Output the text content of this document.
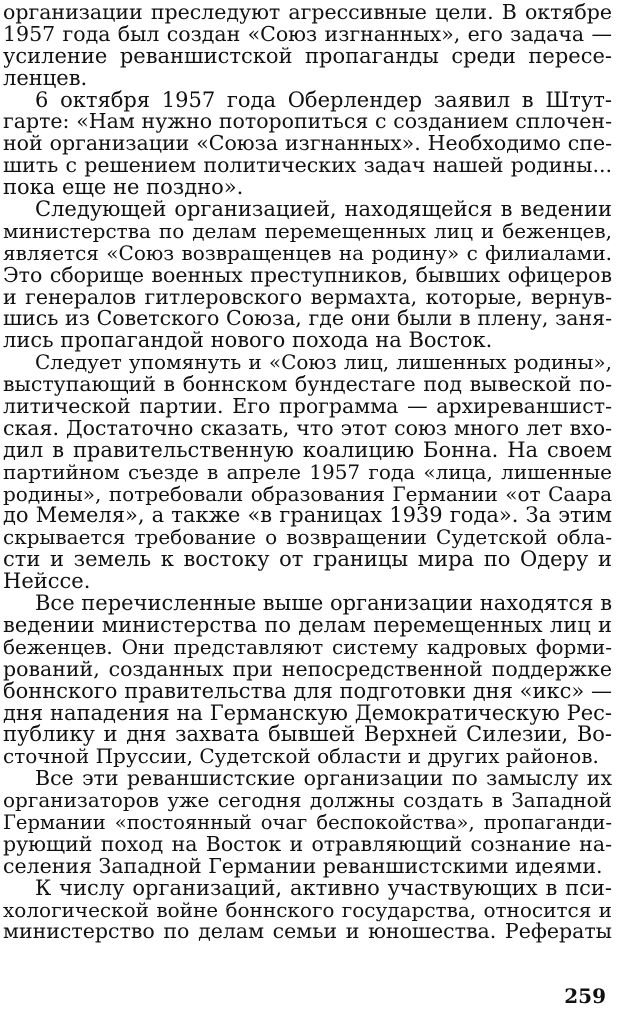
организации преследуют агрессивные цели. В октябре
1957 года был создан «Союз изгнанных», его задача —
усиление реваншистской пропаганды среди пересе-
ленцев.
6 октября 1957 года Оберлендер заявил в Штут-
гарте: «Нам нужно поторопиться с созданием сплочен-
ной организации «Союза изгнанных». Необходимо спе-
шить с решением политических задач нашей родины...
пока еще не поздно».
Следующей организацией, находящейся в ведении
министерства по делам перемещенных лиц и беженцев,
является «Союз возвращенцев на родину» с филиалами.
Это сборище военных преступников, бывших офицеров
и генералов гитлеровского вермахта, которые, вернув-
шись из Советского Союза, где они были в плену, заня-
лись пропагандой нового похода на Восток.
Следует упомянуть и «Союз лиц, лишенных родины»,
выступающий в боннском бундестаге под вывеской по-
литической партии. Его программа — архиреваншист-
ская. Достаточно сказать, что этот союз много лет вхо-
дил в правительственную коалицию Бонна. На своем
партийном съезде в апреле 1957 года «лица, лишенные
родины», потребовали образования Германии «от Саара
до Мемеля», а также «в границах 1939 года». За этим
скрывается требование о возвращении Судетской обла-
сти и земель к востоку от границы мира по Одеру и
Нейссе.
Все перечисленные выше организации находятся в
ведении министерства по делам перемещенных лиц и
беженцев. Они представляют систему кадровых форми-
рований, созданных при непосредственной поддержке
боннского правительства для подготовки дня «икс» —
дня нападения на Германскую Демократическую Рес-
публику и дня захвата бывшей Верхней Силезии, Во-
сточной Пруссии, Судетской области и других районов.
Все эти реваншистские организации по замыслу их
организаторов уже сегодня должны создать в Западной
Германии «постоянный очаг беспокойства», пропаганди-
рующий поход на Восток и отравляющий сознание на-
селения Западной Германии реваншистскими идеями.
К числу организаций, активно участвующих в пси-
хологической войне боннского государства, относится и
министерство по делам семьи и юношества. Рефераты
259
